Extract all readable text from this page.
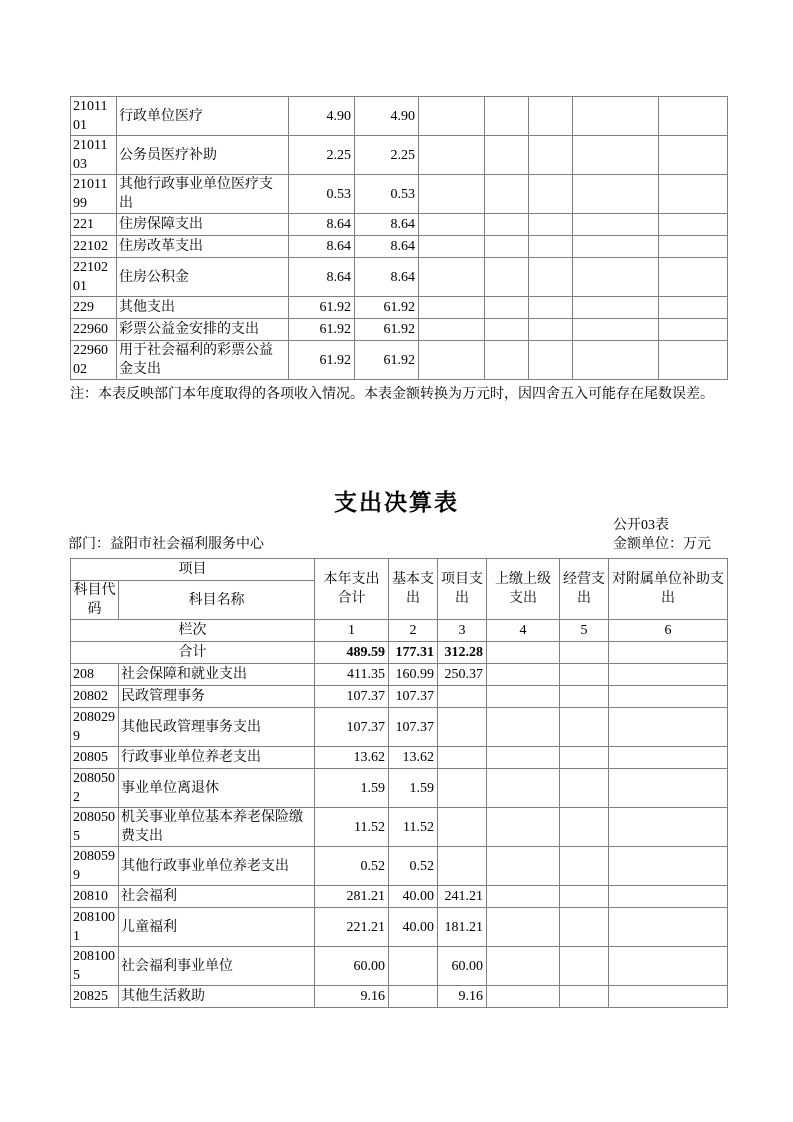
2101101	行政单位医疗	4.90	4.90					
2101103	公务员医疗补助	2.25	2.25					
2101199	其他行政事业单位医疗支出	0.53	0.53					
221	住房保障支出	8.64	8.64					
22102	住房改革支出	8.64	8.64					
2210201	住房公积金	8.64	8.64					
229	其他支出	61.92	61.92					
22960	彩票公益金安排的支出	61.92	61.92					
2296002	用于社会福利的彩票公益金支出	61.92	61.92					
注：本表反映部门本年度取得的各项收入情况。本表金额转换为万元时，因四舍五入可能存在尾数误差。
支出决算表
公开03表
部门：益阳市社会福利服务中心	金额单位：万元
项目		本年支出合计	基本支出	项目支出	上缴上级支出	经营支出	对附属单位补助支出
科目代码	科目名称						
栏次		1	2	3	4	5	6
合计		489.59	177.31	312.28			
208	社会保障和就业支出	411.35	160.99	250.37			
20802	民政管理事务	107.37	107.37				
2080299	其他民政管理事务支出	107.37	107.37				
20805	行政事业单位养老支出	13.62	13.62				
2080502	事业单位离退休	1.59	1.59				
2080505	机关事业单位基本养老保险缴费支出	11.52	11.52				
2080599	其他行政事业单位养老支出	0.52	0.52				
20810	社会福利	281.21	40.00	241.21			
2081001	儿童福利	221.21	40.00	181.21			
2081005	社会福利事业单位	60.00		60.00			
20825	其他生活救助	9.16		9.16			
